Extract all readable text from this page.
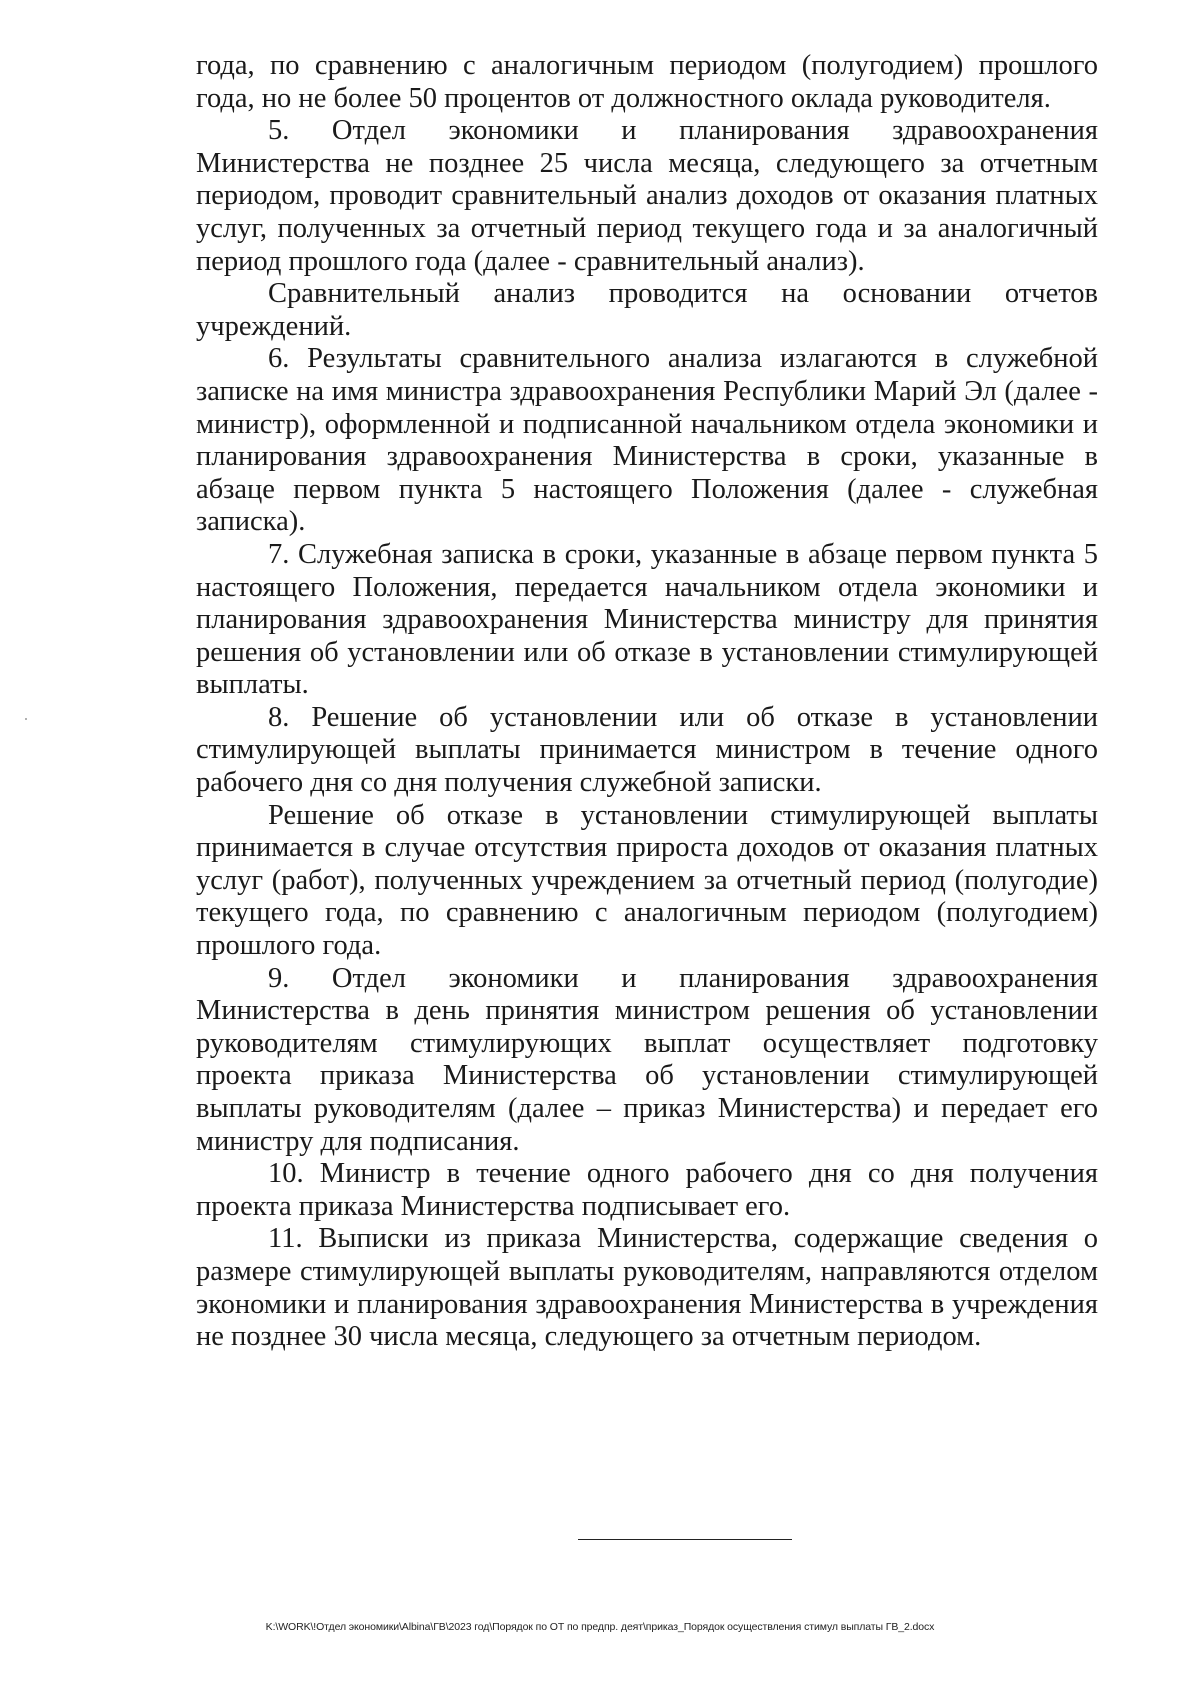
года, по сравнению с аналогичным периодом (полугодием) прошлого года, но не более 50 процентов от должностного оклада руководителя.

5. Отдел экономики и планирования здравоохранения Министерства не позднее 25 числа месяца, следующего за отчетным периодом, проводит сравнительный анализ доходов от оказания платных услуг, полученных за отчетный период текущего года и за аналогичный период прошлого года (далее - сравнительный анализ).

Сравнительный анализ проводится на основании отчетов учреждений.

6. Результаты сравнительного анализа излагаются в служебной записке на имя министра здравоохранения Республики Марий Эл (далее - министр), оформленной и подписанной начальником отдела экономики и планирования здравоохранения Министерства в сроки, указанные в абзаце первом пункта 5 настоящего Положения (далее - служебная записка).

7. Служебная записка в сроки, указанные в абзаце первом пункта 5 настоящего Положения, передается начальником отдела экономики и планирования здравоохранения Министерства министру для принятия решения об установлении или об отказе в установлении стимулирующей выплаты.

8. Решение об установлении или об отказе в установлении стимулирующей выплаты принимается министром в течение одного рабочего дня со дня получения служебной записки.

Решение об отказе в установлении стимулирующей выплаты принимается в случае отсутствия прироста доходов от оказания платных услуг (работ), полученных учреждением за отчетный период (полугодие) текущего года, по сравнению с аналогичным периодом (полугодием) прошлого года.

9. Отдел экономики и планирования здравоохранения Министерства в день принятия министром решения об установлении руководителям стимулирующих выплат осуществляет подготовку проекта приказа Министерства об установлении стимулирующей выплаты руководителям (далее – приказ Министерства) и передает его министру для подписания.

10. Министр в течение одного рабочего дня со дня получения проекта приказа Министерства подписывает его.

11. Выписки из приказа Министерства, содержащие сведения о размере стимулирующей выплаты руководителям, направляются отделом экономики и планирования здравоохранения Министерства в учреждения не позднее 30 числа месяца, следующего за отчетным периодом.

K:\WORK\!Отдел экономики\Albina\ГВ\2023 год\Порядок по ОТ по предпр. деят\приказ_Порядок осуществления стимул выплаты ГВ_2.docx
